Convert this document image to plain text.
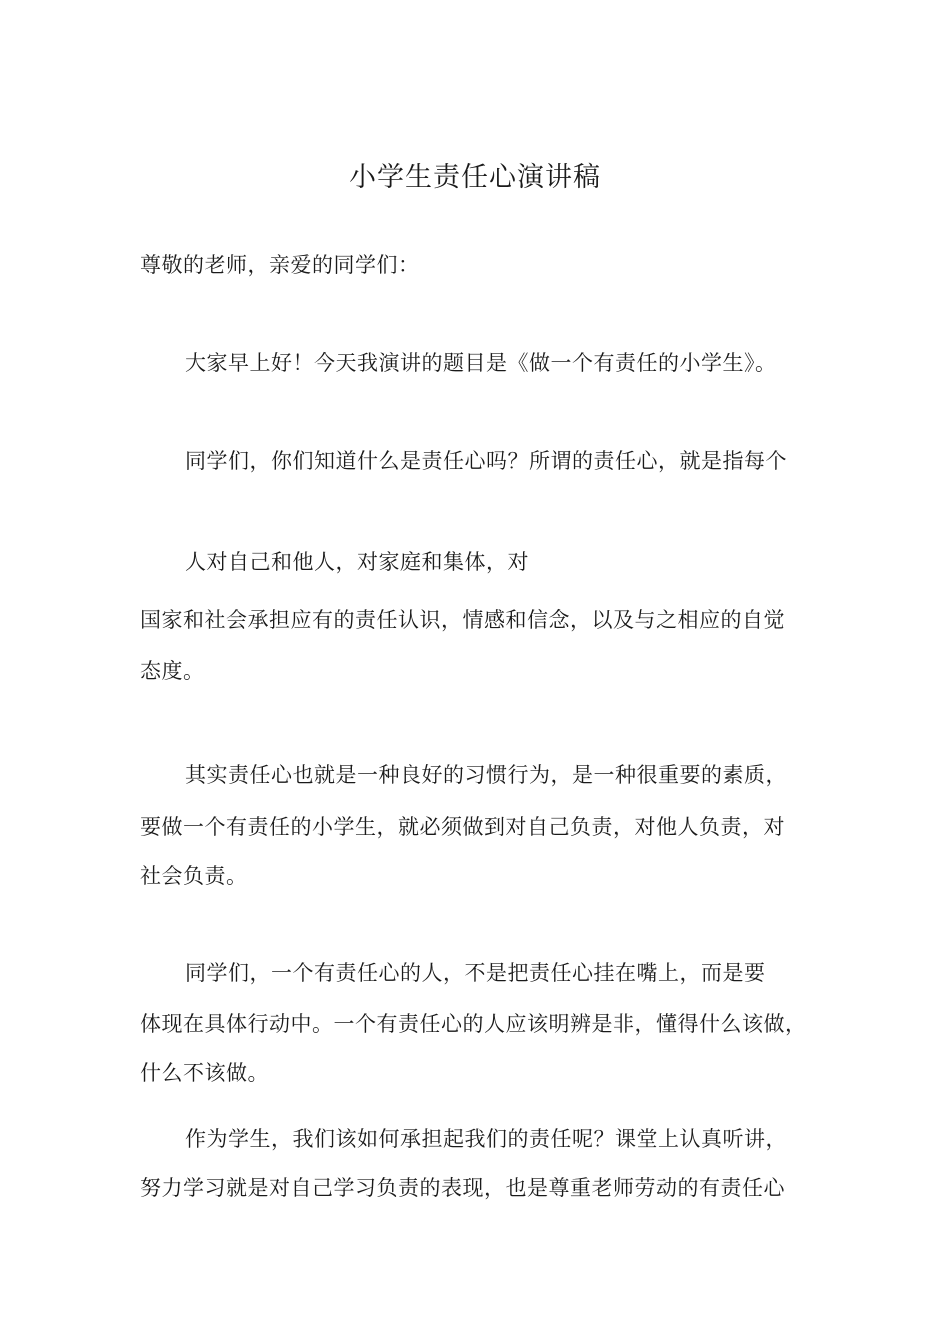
小学生责任心演讲稿
尊敬的老师，亲爱的同学们：
大家早上好！今天我演讲的题目是《做一个有责任的小学生》。
同学们，你们知道什么是责任心吗？所谓的责任心，就是指每个
人对自己和他人，对家庭和集体，对
国家和社会承担应有的责任认识，情感和信念，以及与之相应的自觉
态度。
其实责任心也就是一种良好的习惯行为，是一种很重要的素质，
要做一个有责任的小学生，就必须做到对自己负责，对他人负责，对
社会负责。
同学们，一个有责任心的人，不是把责任心挂在嘴上，而是要
体现在具体行动中。一个有责任心的人应该明辨是非，懂得什么该做，
什么不该做。
作为学生，我们该如何承担起我们的责任呢？课堂上认真听讲，
努力学习就是对自己学习负责的表现，也是尊重老师劳动的有责任心
